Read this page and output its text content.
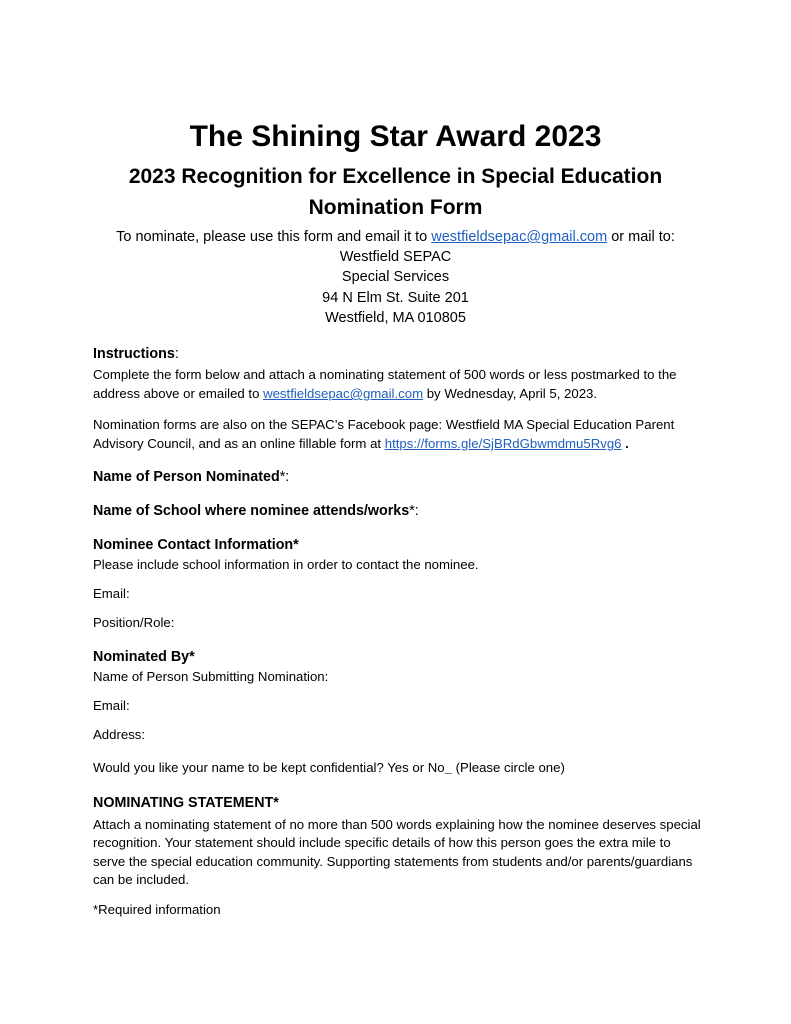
The Shining Star Award 2023
2023 Recognition for Excellence in Special Education
Nomination Form
To nominate, please use this form and email it to westfieldsepac@gmail.com or mail to:
Westfield SEPAC
Special Services
94 N Elm St. Suite 201
Westfield, MA 010805
Instructions:
Complete the form below and attach a nominating statement of 500 words or less postmarked to the
address above or emailed to westfieldsepac@gmail.com by Wednesday, April 5, 2023.
Nomination forms are also on the SEPAC’s Facebook page: Westfield MA Special Education Parent
Advisory Council, and as an online fillable form at https://forms.gle/SjBRdGbwmdmu5Rvg6 .
Name of Person Nominated*:
Name of School where nominee attends/works*:
Nominee Contact Information*
Please include school information in order to contact the nominee.
Email:
Position/Role:
Nominated By*
Name of Person Submitting Nomination:
Email:
Address:
Would you like your name to be kept confidential? Yes or No_ (Please circle one)
NOMINATING STATEMENT*
Attach a nominating statement of no more than 500 words explaining how the nominee deserves special
recognition. Your statement should include specific details of how this person goes the extra mile to
serve the special education community. Supporting statements from students and/or parents/guardians
can be included.
*Required information
